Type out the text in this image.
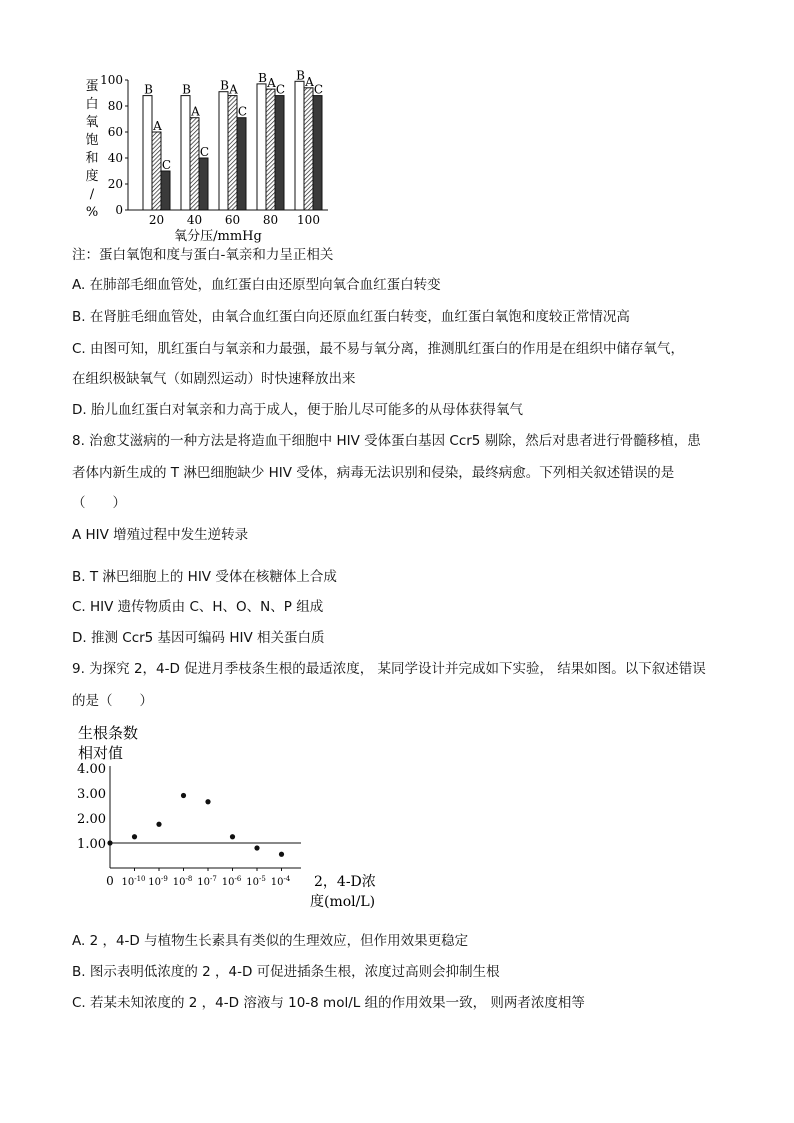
0
20
40
60
80
100
蛋
白
氧
饱
和
度
/
%
B
A
C
20
B
A
C
40
B A
C
60
B A C
80
B A
C
100
氧分压/mmHg
注：蛋白氧饱和度与蛋白-氧亲和力呈正相关
A. 在肺部毛细血管处，血红蛋白由还原型向氧合血红蛋白转变
B. 在肾脏毛细血管处，由氧合血红蛋白向还原血红蛋白转变，血红蛋白氧饱和度较正常情况高
C. 由图可知，肌红蛋白与氧亲和力最强，最不易与氧分离，推测肌红蛋白的作用是在组织中储存氧气，
在组织极缺氧气（如剧烈运动）时快速释放出来
D. 胎儿血红蛋白对氧亲和力高于成人，便于胎儿尽可能多的从母体获得氧气
8. 治愈艾滋病的一种方法是将造血干细胞中 HIV 受体蛋白基因 Ccr5 剔除，然后对患者进行骨髓移植，患
者体内新生成的 T 淋巴细胞缺少 HIV 受体，病毒无法识别和侵染，最终病愈。下列相关叙述错误的是
（　　）
A HIV 增殖过程中发生逆转录
B. T 淋巴细胞上的 HIV 受体在核糖体上合成
C. HIV 遗传物质由 C、H、O、N、P 组成
D. 推测 Ccr5 基因可编码 HIV 相关蛋白质
9. 为探究 2，4-D 促进月季枝条生根的最适浓度， 某同学设计并完成如下实验， 结果如图。以下叙述错误
的是（　　）
生根条数
相对值
1.00
2.00
3.00
4.00
0 $10^{-10}$ $10^{-9}$ $10^{-8}$ $10^{-7}$ $10^{-6}$ $10^{-5}$ $10^{-4}$ 2，4-D浓
度(mol/L)
A. 2 ，4-D 与植物生长素具有类似的生理效应，但作用效果更稳定
B. 图示表明低浓度的 2 ，4-D 可促进插条生根，浓度过高则会抑制生根
C. 若某未知浓度的 2 ，4-D 溶液与 10-8 mol/L 组的作用效果一致， 则两者浓度相等
